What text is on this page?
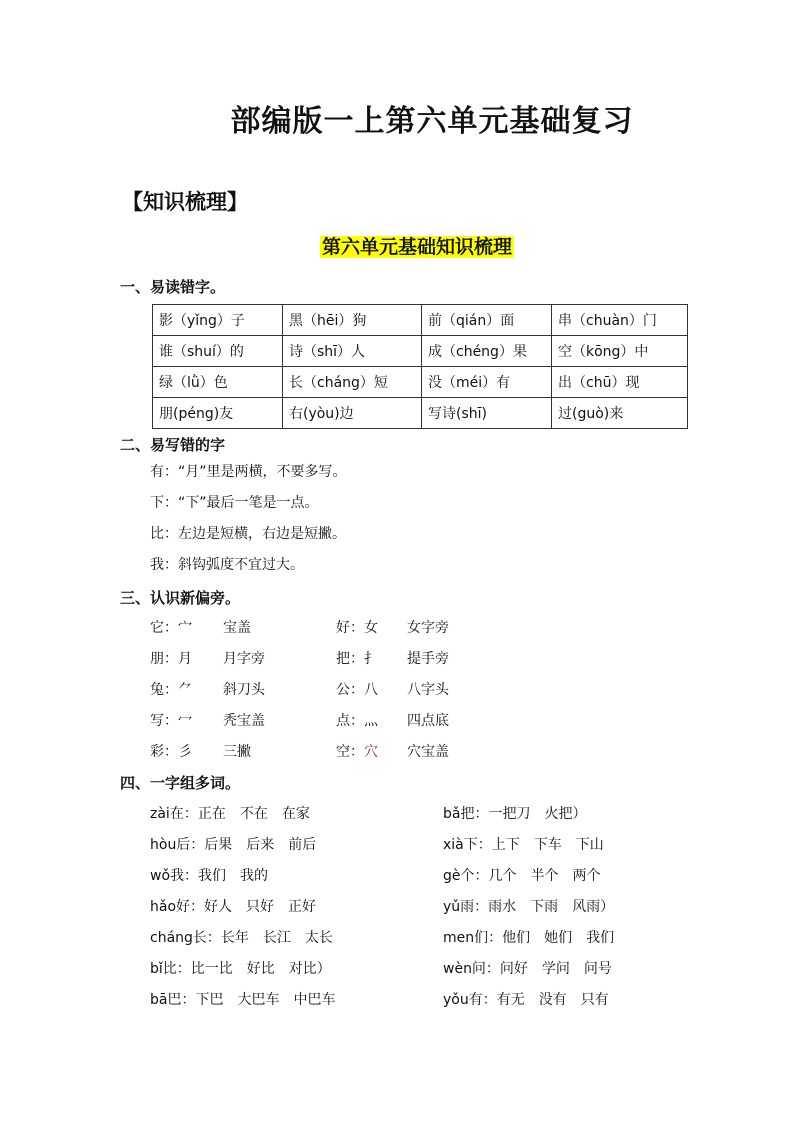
部编版一上第六单元基础复习
【知识梳理】
第六单元基础知识梳理
一、易读错字。
影（yǐng）子	黑（hēi）狗	前（qián）面	串（chuàn）门
谁（shuí）的	诗（shī）人	成（chéng）果	空（kōng）中
绿（lǜ）色	长（cháng）短	没（méi）有	出（chū）现
朋(péng)友	右(yòu)边	写诗(shī)	过(guò)来
二、易写错的字
有：“月”里是两横，不要多写。
下：“下”最后一笔是一点。
比：左边是短横，右边是短撇。
我：斜钩弧度不宜过大。
三、认识新偏旁。
它：宀 宝盖	好：女 女字旁
朋：月 月字旁	把：扌 提手旁
兔：⺈ 斜刀头	公：八 八字头
写：冖 秃宝盖	点：灬 四点底
彩：彡 三撇	空：穴 穴宝盖
四、一字组多词。
zài在：正在　不在　在家	bǎ把：一把刀　火把）
hòu后：后果　后来　前后	xià下：上下　下车　下山
wǒ我：我们　我的	gè个：几个　半个　两个
hǎo好：好人　只好　正好	yǔ雨：雨水　下雨　风雨）
cháng长：长年　长江　太长	men们：他们　她们　我们
bǐ比：比一比　好比　对比）	wèn问：问好　学问　问号
bā巴：下巴　大巴车　中巴车	yǒu有：有无　没有　只有
